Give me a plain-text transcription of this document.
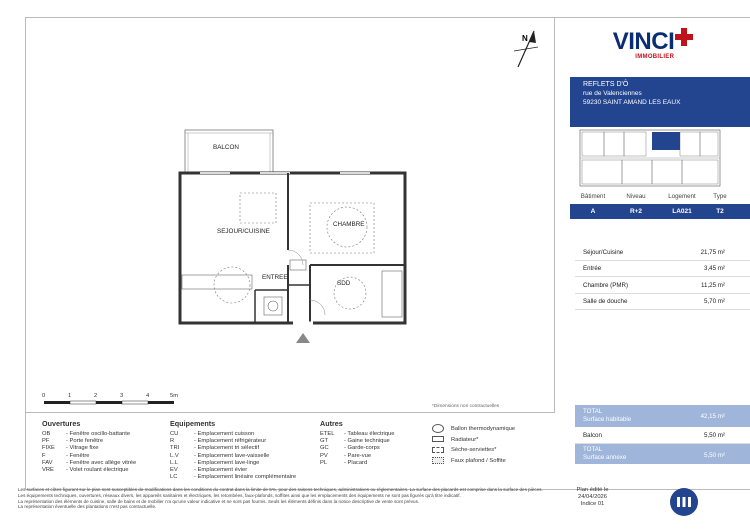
N
BALCON
SEJOUR/CUISINE
CHAMBRE
ENTREE
SDD
0	1	2	3	4	5m
*Dimensions non contractuelles
Ouvertures
OB	- Fenêtre oscillo-battante
PF	- Porte fenêtre
FIXE - Vitrage fixe
F	- Fenêtre
FAV - Fenêtre avec allège vitrée
VRE - Volet roulant électrique
Equipements
CU	- Emplacement cuisson
R	- Emplacement réfrigérateur
TRI	- Emplacement tri sélectif
L.V	- Emplacement lave-vaisselle
L.L	- Emplacement lave-linge
EV	- Emplacement évier
LC	- Emplacement linéaire complémentaire
Autres
ETEL - Tableau électrique
GT	- Gaine technique
GC	- Garde-corps
PV	- Pare-vue
PL	- Placard
Ballon thermodynamique
Radiateur*
Sèche-serviettes*
Faux plafond / Soffite
VINCI
IMMOBILIER
REFLETS D'Ô
rue de Valenciennes
59230 SAINT AMAND LES EAUX
Bâtiment	Niveau	Logement	Type
A	R+2	LA021	T2
Séjour/Cuisine	21,75 m²
Entrée	3,45 m²
Chambre (PMR)	11,25 m²
Salle de douche	5,70 m²
TOTAL
Surface habitable	42,15 m²
Balcon	5,50 m²
TOTAL
Surface annexe	5,50 m²
Les surfaces et côtes figurant sur le plan sont susceptibles de modifications dans les conditions du contrat dans la limite de 5%, pour des raisons techniques, administratives ou réglementaires. La surface des placards est comprise dans la surface des pièces.
Les équipements techniques, ouvertures, réseaux divers, les appareils sanitaires et électriques, les retombées, faux-plafonds, soffites ainsi que les emplacements des équipements ne sont pas figurés qu'à titre indicatif.
La représentation des éléments de cuisine, salle de bains et de mobilier n'a qu'une valeur indicative et ne sont pas fournis. Seuls les éléments définis dans la notice descriptive de vente sont prévus.
La représentation éventuelle des plantations n'est pas contractuelle.
Plan édité le
24/04/2026
Indice 01
